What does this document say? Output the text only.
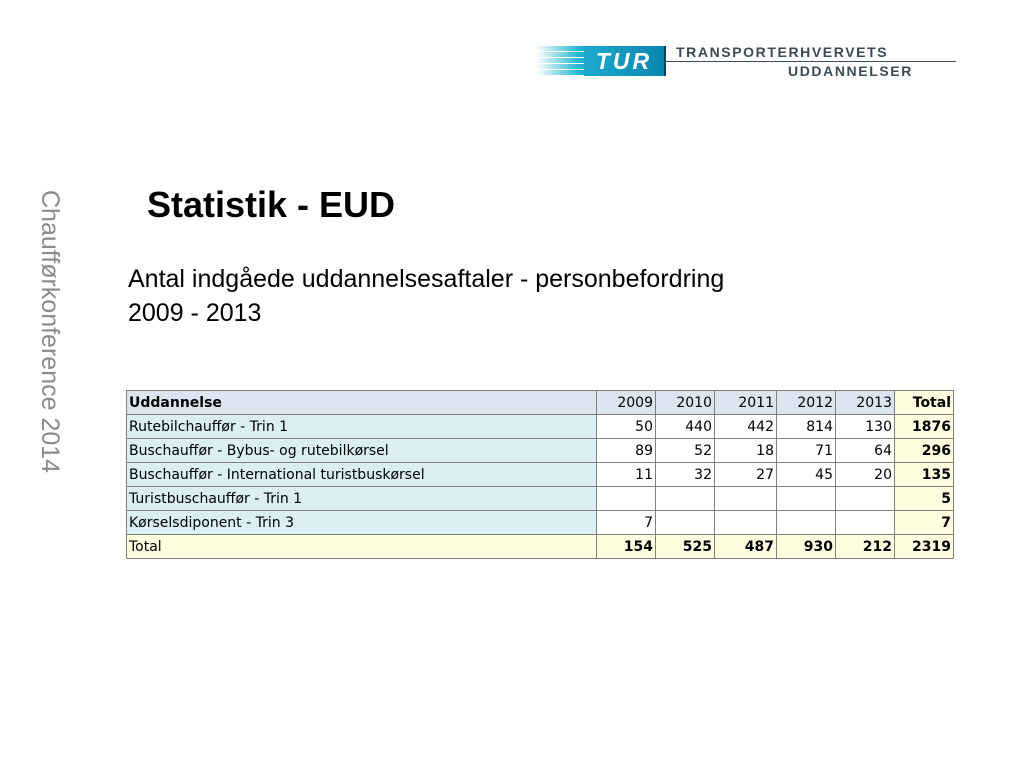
TUR	TRANSPORTERHVERVETS
UDDANNELSER
Chaufførkonference 2014 Statistik - EUD
Antal indgåede uddannelsesaftaler - personbefordring
2009 - 2013
Uddannelse	2009	2010	2011	2012	2013	Total
Rutebilchauffør - Trin 1	50	440	442	814	130	1876
Buschauffør - Bybus- og rutebilkørsel	89	52	18	71	64	296
Buschauffør - International turistbuskørsel	11	32	27	45	20	135
Turistbuschauffør - Trin 1						5
Kørselsdiponent - Trin 3	7					7
Total	154	525	487	930	212	2319
